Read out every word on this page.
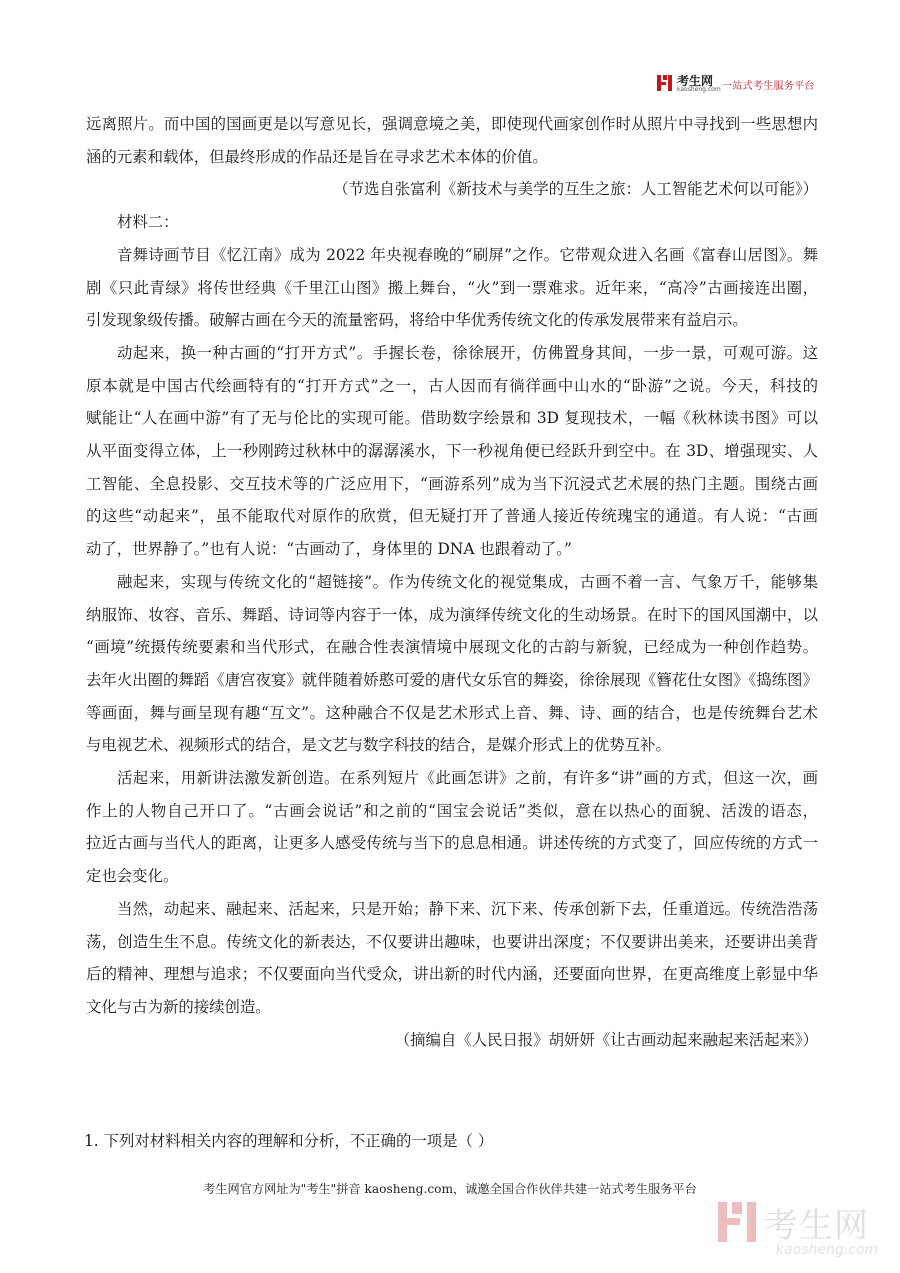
考生网
kaosheng.com 一站式考生服务平台
远离照片。而中国的国画更是以写意见长，强调意境之美，即使现代画家创作时从照片中寻找到一些思想内
涵的元素和载体，但最终形成的作品还是旨在寻求艺术本体的价值。
（节选自张富利《新技术与美学的互生之旅：人工智能艺术何以可能》）
材料二：
音舞诗画节目《忆江南》成为 2022 年央视春晚的“刷屏”之作。它带观众进入名画《富春山居图》。舞
剧《只此青绿》将传世经典《千里江山图》搬上舞台，“火”到一票难求。近年来，“高冷”古画接连出圈，
引发现象级传播。破解古画在今天的流量密码，将给中华优秀传统文化的传承发展带来有益启示。
动起来，换一种古画的“打开方式”。手握长卷，徐徐展开，仿佛置身其间，一步一景，可观可游。这
原本就是中国古代绘画特有的“打开方式”之一，古人因而有徜徉画中山水的“卧游”之说。今天，科技的
赋能让“人在画中游”有了无与伦比的实现可能。借助数字绘景和 3D 复现技术，一幅《秋林读书图》可以
从平面变得立体，上一秒刚跨过秋林中的潺潺溪水，下一秒视角便已经跃升到空中。在 3D、增强现实、人
工智能、全息投影、交互技术等的广泛应用下，“画游系列”成为当下沉浸式艺术展的热门主题。围绕古画
的这些“动起来”，虽不能取代对原作的欣赏，但无疑打开了普通人接近传统瑰宝的通道。有人说：“古画
动了，世界静了。”也有人说：“古画动了，身体里的 DNA 也跟着动了。”
融起来，实现与传统文化的“超链接”。作为传统文化的视觉集成，古画不着一言、气象万千，能够集
纳服饰、妆容、音乐、舞蹈、诗词等内容于一体，成为演绎传统文化的生动场景。在时下的国风国潮中，以
“画境”统摄传统要素和当代形式，在融合性表演情境中展现文化的古韵与新貌，已经成为一种创作趋势。
去年火出圈的舞蹈《唐宫夜宴》就伴随着娇憨可爱的唐代女乐官的舞姿，徐徐展现《簪花仕女图》《捣练图》
等画面，舞与画呈现有趣“互文”。这种融合不仅是艺术形式上音、舞、诗、画的结合，也是传统舞台艺术
与电视艺术、视频形式的结合，是文艺与数字科技的结合，是媒介形式上的优势互补。
活起来，用新讲法激发新创造。在系列短片《此画怎讲》之前，有许多“讲”画的方式，但这一次，画
作上的人物自己开口了。“古画会说话”和之前的“国宝会说话”类似，意在以热心的面貌、活泼的语态，
拉近古画与当代人的距离，让更多人感受传统与当下的息息相通。讲述传统的方式变了，回应传统的方式一
定也会变化。
当然，动起来、融起来、活起来，只是开始；静下来、沉下来、传承创新下去，任重道远。传统浩浩荡
荡，创造生生不息。传统文化的新表达，不仅要讲出趣味，也要讲出深度；不仅要讲出美来，还要讲出美背
后的精神、理想与追求；不仅要面向当代受众，讲出新的时代内涵，还要面向世界，在更高维度上彰显中华
文化与古为新的接续创造。
（摘编自《人民日报》胡妍妍《让古画动起来融起来活起来》）
1. 下列对材料相关内容的理解和分析，不正确的一项是（ ）
考生网官方网址为"考生"拼音 kaosheng.com，诚邀全国合作伙伴共建一站式考生服务平台
考生网
kaosheng.com
